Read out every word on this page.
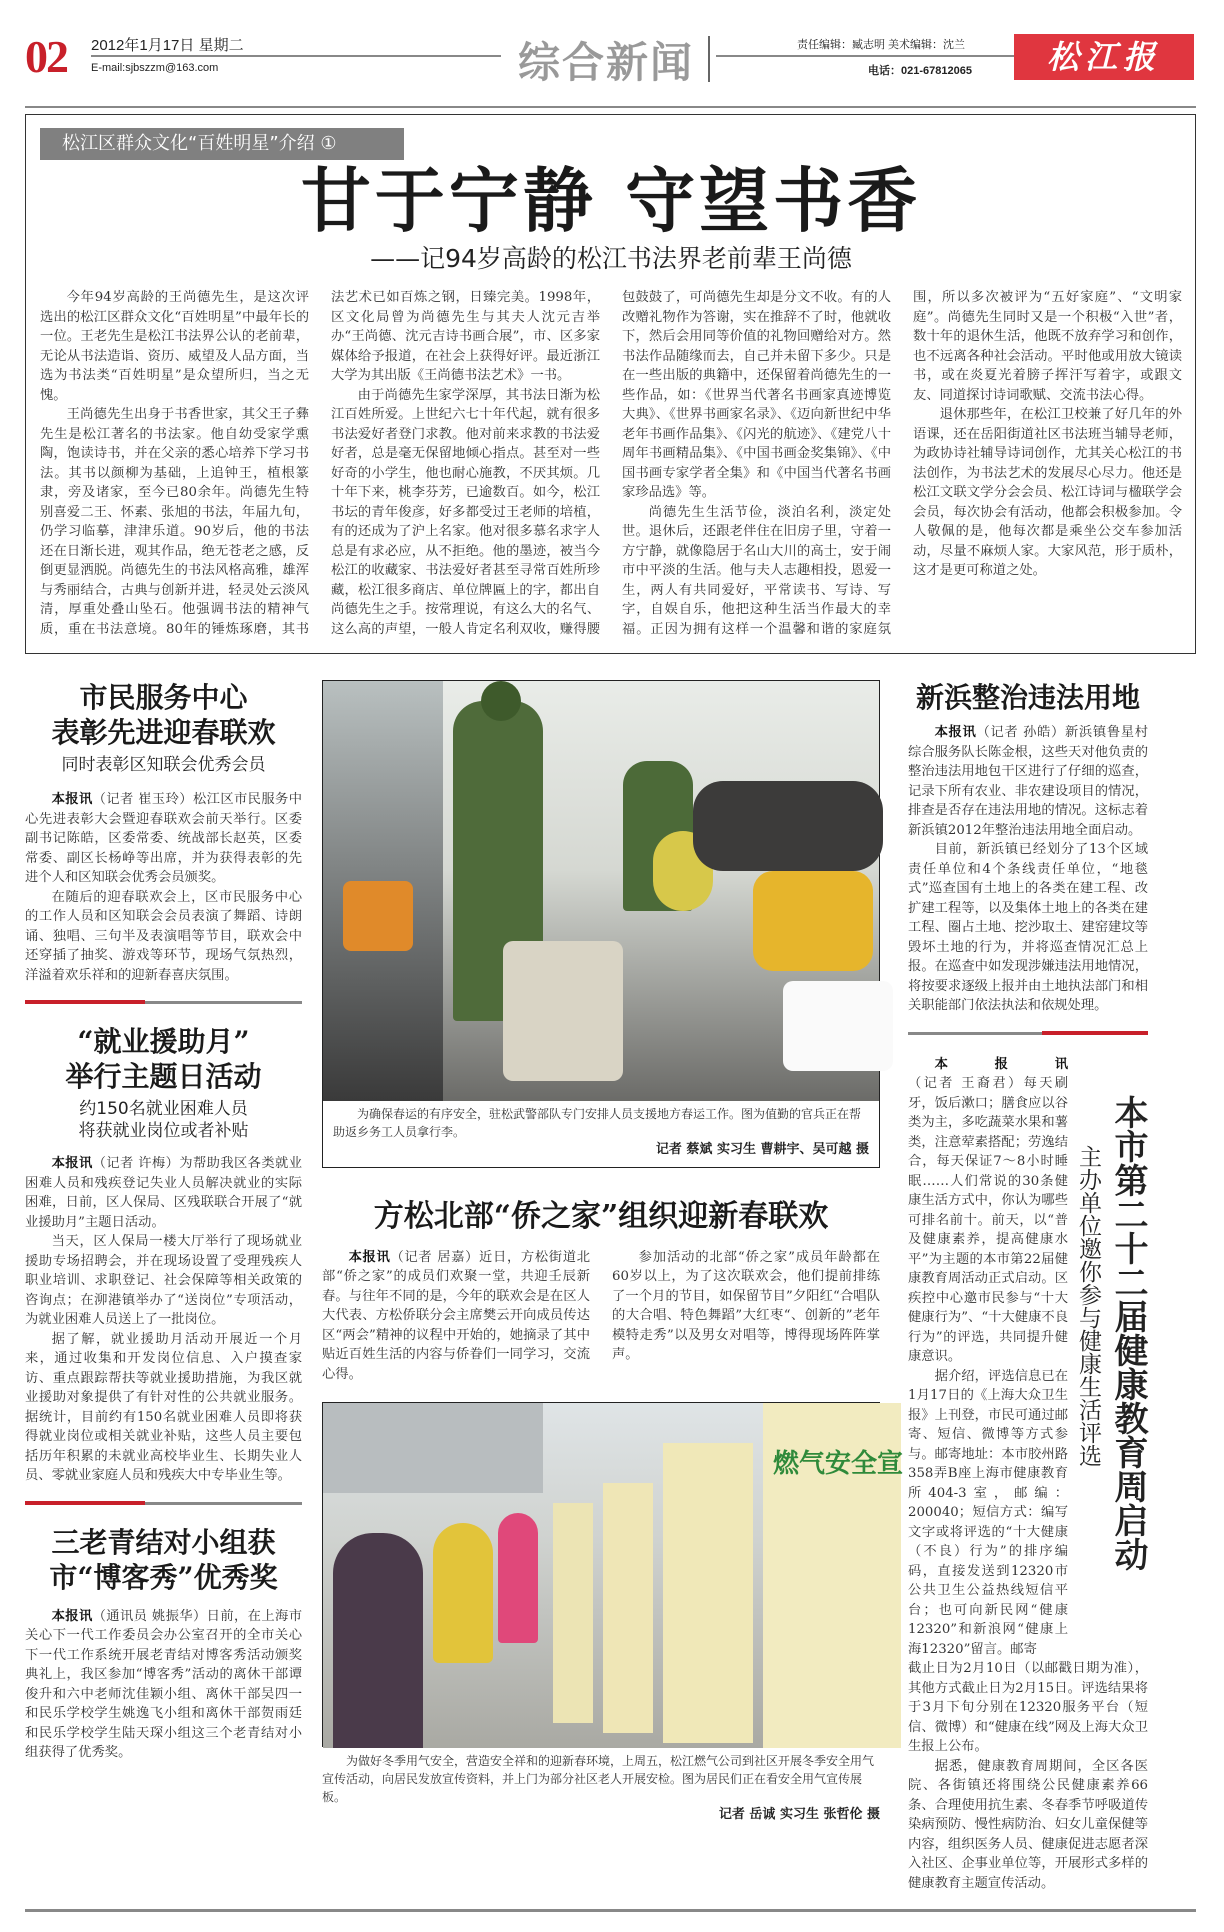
02 2012年1月17日 星期二
E-mail:sjbszzm@163.com	综合新闻	责任编辑：臧志明 美术编辑：沈兰
电话：021-67812065	松江报
松江区群众文化“百姓明星”介绍 ①
甘于宁静 守望书香
——记94岁高龄的松江书法界老前辈王尚德

今年94岁高龄的王尚德先生，是这次评选出的松江区群众文化“百姓明星”中最年长的一位。王老先生是松江书法界公认的老前辈，无论从书法造诣、资历、威望及人品方面，当选为书法类“百姓明星”是众望所归，当之无愧。

王尚德先生出身于书香世家，其父王子彝先生是松江著名的书法家。他自幼受家学熏陶，饱读诗书，并在父亲的悉心培养下学习书法。其书以颜柳为基础，上追钟王，植根篆隶，旁及诸家，至今已80余年。尚德先生特别喜爱二王、怀素、张旭的书法，年届九旬，仍学习临摹，津津乐道。90岁后，他的书法还在日渐长进，观其作品，绝无苍老之感，反倒更显洒脱。尚德先生的书法风格高雅，雄浑与秀丽结合，古典与创新并进，轻灵处云淡风清，厚重处叠山坠石。他强调书法的精神气质，重在书法意境。80年的锤炼琢磨，其书法艺术已如百炼之钢，日臻完美。1998年，区文化局曾为尚德先生与其夫人沈元吉举办“王尚德、沈元吉诗书画合展”，市、区多家媒体给予报道，在社会上获得好评。最近浙江大学为其出版《王尚德书法艺术》一书。

由于尚德先生家学深厚，其书法日渐为松江百姓所爱。上世纪六七十年代起，就有很多书法爱好者登门求教。他对前来求教的书法爱好者，总是毫无保留地倾心指点。甚至对一些好奇的小学生，他也耐心施教，不厌其烦。几十年下来，桃李芬芳，已逾数百。如今，松江书坛的青年俊彦，好多都受过王老师的培植，有的还成为了沪上名家。他对很多慕名求字人总是有求必应，从不拒绝。他的墨迹，被当今松江的收藏家、书法爱好者甚至寻常百姓所珍藏，松江很多商店、单位牌匾上的字，都出自尚德先生之手。按常理说，有这么大的名气、这么高的声望，一般人肯定名利双收，赚得腰包鼓鼓了，可尚德先生却是分文不收。有的人改赠礼物作为答谢，实在推辞不了时，他就收下，然后会用同等价值的礼物回赠给对方。然书法作品随缘而去，自己并未留下多少。只是在一些出版的典籍中，还保留着尚德先生的一些作品，如：《世界当代著名书画家真迹博览大典》、《世界书画家名录》、《迈向新世纪中华老年书画作品集》、《闪光的航迹》、《建党八十周年书画精品集》、《中国书画金奖集锦》、《中国书画专家学者全集》和《中国当代著名书画家珍品选》等。

尚德先生生活节俭，淡泊名利，淡定处世。退休后，还跟老伴住在旧房子里，守着一方宁静，就像隐居于名山大川的高士，安于闹市中平淡的生活。他与夫人志趣相投，恩爱一生，两人有共同爱好，平常读书、写诗、写字，自娱自乐，他把这种生活当作最大的幸福。正因为拥有这样一个温馨和谐的家庭氛围，所以多次被评为“五好家庭”、“文明家庭”。尚德先生同时又是一个积极“入世”者，数十年的退休生活，他既不放弃学习和创作，也不远离各种社会活动。平时他或用放大镜读书，或在炎夏光着膀子挥汗写着字，或跟文友、同道探讨诗词歌赋、交流书法心得。

退休那些年，在松江卫校兼了好几年的外语课，还在岳阳街道社区书法班当辅导老师，为政协诗社辅导诗词创作，尤其关心松江的书法创作，为书法艺术的发展尽心尽力。他还是松江文联文学分会会员、松江诗词与楹联学会会员，每次协会有活动，他都会积极参加。令人敬佩的是，他每次都是乘坐公交车参加活动，尽量不麻烦人家。大家风范，形于质朴，这才是更可称道之处。

市民服务中心
表彰先进迎春联欢
同时表彰区知联会优秀会员

本报讯（记者 崔玉玲）松江区市民服务中心先进表彰大会暨迎春联欢会前天举行。区委副书记陈皓，区委常委、统战部长赵英，区委常委、副区长杨峥等出席，并为获得表彰的先进个人和区知联会优秀会员颁奖。

在随后的迎春联欢会上，区市民服务中心的工作人员和区知联会会员表演了舞蹈、诗朗诵、独唱、三句半及表演唱等节目，联欢会中还穿插了抽奖、游戏等环节，现场气氛热烈，洋溢着欢乐祥和的迎新春喜庆氛围。

“就业援助月”
举行主题日活动
约150名就业困难人员
将获就业岗位或者补贴

本报讯（记者 许梅）为帮助我区各类就业困难人员和残疾登记失业人员解决就业的实际困难，日前，区人保局、区残联联合开展了“就业援助月”主题日活动。

当天，区人保局一楼大厅举行了现场就业援助专场招聘会，并在现场设置了受理残疾人职业培训、求职登记、社会保障等相关政策的咨询点；在泖港镇举办了“送岗位”专项活动，为就业困难人员送上了一批岗位。

据了解，就业援助月活动开展近一个月来，通过收集和开发岗位信息、入户摸查家访、重点跟踪帮扶等就业援助措施，为我区就业援助对象提供了有针对性的公共就业服务。据统计，目前约有150名就业困难人员即将获得就业岗位或相关就业补贴，这些人员主要包括历年积累的未就业高校毕业生、长期失业人员、零就业家庭人员和残疾大中专毕业生等。

三老青结对小组获
市“博客秀”优秀奖

本报讯（通讯员 姚振华）日前，在上海市关心下一代工作委员会办公室召开的全市关心下一代工作系统开展老青结对博客秀活动颁奖典礼上，我区参加“博客秀”活动的离休干部谭俊升和六中老师沈佳颖小组、离休干部吴四一和民乐学校学生姚逸飞小组和离休干部贺雨廷和民乐学校学生陆天琛小组这三个老青结对小组获得了优秀奖。

为确保春运的有序安全，驻松武警部队专门安排人员支援地方春运工作。图为值勤的官兵正在帮助返乡务工人员拿行李。
记者 蔡斌 实习生 曹耕宇、吴可越 摄
方松北部“侨之家”组织迎新春联欢

本报讯（记者 居嘉）近日，方松街道北部“侨之家”的成员们欢聚一堂，共迎壬辰新春。与往年不同的是，今年的联欢会是在区人大代表、方松侨联分会主席樊云开向成员传达区“两会”精神的议程中开始的，她摘录了其中贴近百姓生活的内容与侨眷们一同学习，交流心得。

参加活动的北部“侨之家”成员年龄都在60岁以上，为了这次联欢会，他们提前排练了一个月的节目，如保留节目”夕阳红“合唱队的大合唱、特色舞蹈”大红枣“、创新的”老年模特走秀”以及男女对唱等，博得现场阵阵掌声。

燃气安全宣
为做好冬季用气安全，营造安全祥和的迎新春环境，上周五，松江燃气公司到社区开展冬季安全用气宣传活动，向居民发放宣传资料，并上门为部分社区老人开展安检。图为居民们正在看安全用气宣传展板。
记者 岳诚 实习生 张哲伦 摄
新浜整治违法用地

本报讯（记者 孙皓）新浜镇鲁星村综合服务队长陈金根，这些天对他负责的整治违法用地包干区进行了仔细的巡查，记录下所有农业、非农建设项目的情况，排查是否存在违法用地的情况。这标志着新浜镇2012年整治违法用地全面启动。

目前，新浜镇已经划分了13个区域责任单位和4个条线责任单位，“地毯式”巡查国有土地上的各类在建工程、改扩建工程等，以及集体土地上的各类在建工程、圈占土地、挖沙取土、建窑建坟等毁坏土地的行为，并将巡查情况汇总上报。在巡查中如发现涉嫌违法用地情况，将按要求逐级上报并由土地执法部门和相关职能部门依法执法和依规处理。

本报讯（记者 王裔君）每天刷牙，饭后漱口；膳食应以谷类为主，多吃蔬菜水果和薯类，注意荤素搭配；劳逸结合，每天保证7～8小时睡眠……人们常说的30条健康生活方式中，你认为哪些可排名前十。前天，以“普及健康素养，提高健康水平”为主题的本市第22届健康教育周活动正式启动。区疾控中心邀市民参与“十大健康行为”、“十大健康不良行为”的评选，共同提升健康意识。

据介绍，评选信息已在1月17日的《上海大众卫生报》上刊登，市民可通过邮寄、短信、微博等方式参与。邮寄地址：本市胶州路358弄B座上海市健康教育所404-3室，邮编：200040；短信方式：编写文字或将评选的“十大健康（不良）行为”的排序编码，直接发送到12320市公共卫生公益热线短信平台；也可向新民网“健康12320”和新浪网“健康上海12320”留言。邮寄

主办单位邀你参与健康生活评选 本市第二十二届健康教育周启动
截止日为2月10日（以邮戳日期为准），其他方式截止日为2月15日。评选结果将于3月下旬分别在12320服务平台（短信、微博）和“健康在线”网及上海大众卫生报上公布。

据悉，健康教育周期间，全区各医院、各街镇还将围绕公民健康素养66条、合理使用抗生素、冬春季节呼吸道传染病预防、慢性病防治、妇女儿童保健等内容，组织医务人员、健康促进志愿者深入社区、企事业单位等，开展形式多样的健康教育主题宣传活动。
